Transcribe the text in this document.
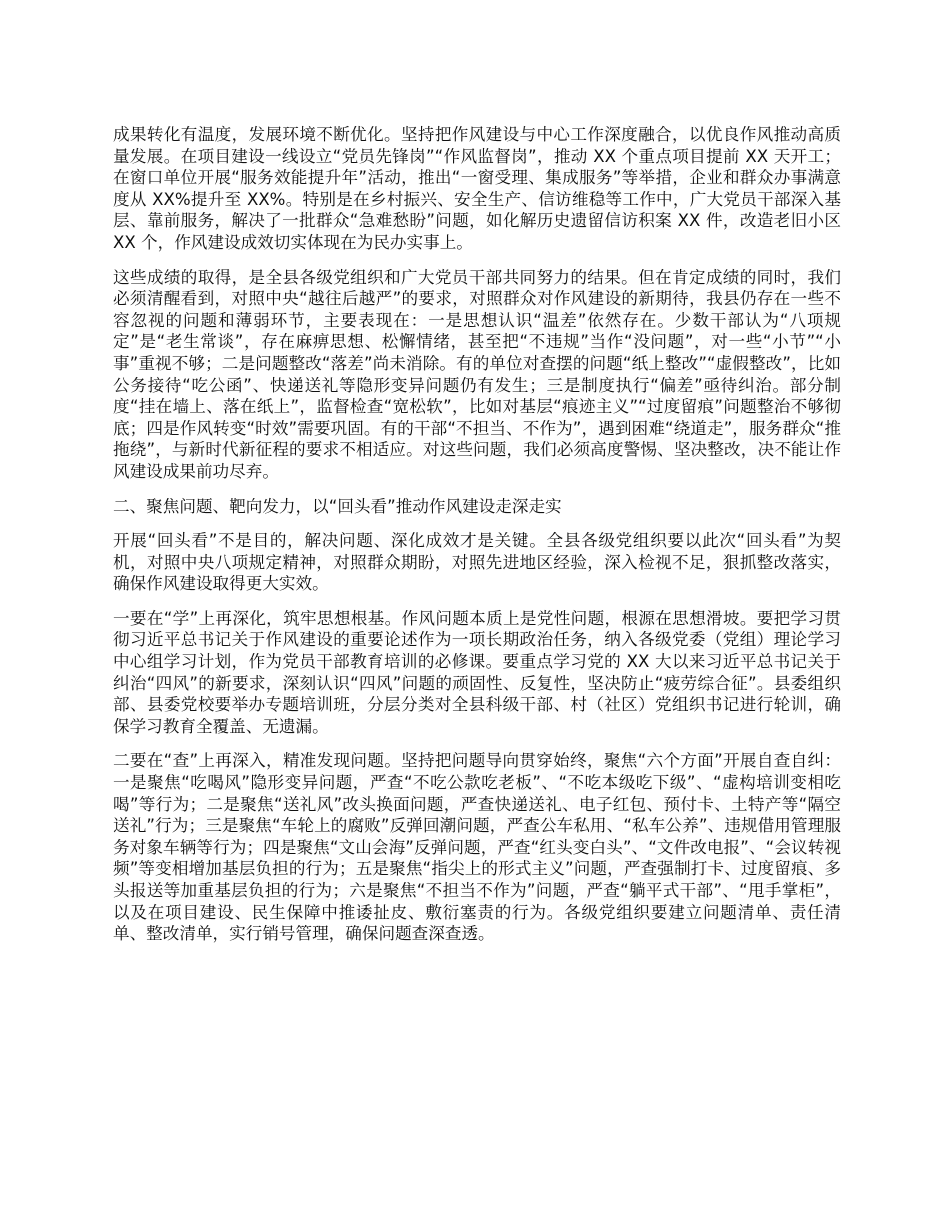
成果转化有温度，发展环境不断优化。坚持把作风建设与中心工作深度融合，以优良作风推动高质量发展。在项目建设一线设立“党员先锋岗”“作风监督岗”，推动 XX 个重点项目提前 XX 天开工；在窗口单位开展“服务效能提升年”活动，推出“一窗受理、集成服务”等举措，企业和群众办事满意度从 XX%提升至 XX%。特别是在乡村振兴、安全生产、信访维稳等工作中，广大党员干部深入基层、靠前服务，解决了一批群众“急难愁盼”问题，如化解历史遗留信访积案 XX 件，改造老旧小区 XX 个，作风建设成效切实体现在为民办实事上。

这些成绩的取得，是全县各级党组织和广大党员干部共同努力的结果。但在肯定成绩的同时，我们必须清醒看到，对照中央“越往后越严”的要求，对照群众对作风建设的新期待，我县仍存在一些不容忽视的问题和薄弱环节，主要表现在：一是思想认识“温差”依然存在。少数干部认为“八项规定”是“老生常谈”，存在麻痹思想、松懈情绪，甚至把“不违规”当作“没问题”，对一些“小节”“小事”重视不够；二是问题整改“落差”尚未消除。有的单位对查摆的问题“纸上整改”“虚假整改”，比如公务接待“吃公函”、快递送礼等隐形变异问题仍有发生；三是制度执行“偏差”亟待纠治。部分制度“挂在墙上、落在纸上”，监督检查“宽松软”，比如对基层“痕迹主义”“过度留痕”问题整治不够彻底；四是作风转变“时效”需要巩固。有的干部“不担当、不作为”，遇到困难“绕道走”，服务群众“推拖绕”，与新时代新征程的要求不相适应。对这些问题，我们必须高度警惕、坚决整改，决不能让作风建设成果前功尽弃。

二、聚焦问题、靶向发力，以“回头看”推动作风建设走深走实

开展“回头看”不是目的，解决问题、深化成效才是关键。全县各级党组织要以此次“回头看”为契机，对照中央八项规定精神，对照群众期盼，对照先进地区经验，深入检视不足，狠抓整改落实，确保作风建设取得更大实效。

一要在“学”上再深化，筑牢思想根基。作风问题本质上是党性问题，根源在思想滑坡。要把学习贯彻习近平总书记关于作风建设的重要论述作为一项长期政治任务，纳入各级党委（党组）理论学习中心组学习计划，作为党员干部教育培训的必修课。要重点学习党的 XX 大以来习近平总书记关于纠治“四风”的新要求，深刻认识“四风”问题的顽固性、反复性，坚决防止“疲劳综合征”。县委组织部、县委党校要举办专题培训班，分层分类对全县科级干部、村（社区）党组织书记进行轮训，确保学习教育全覆盖、无遗漏。

二要在“查”上再深入，精准发现问题。坚持把问题导向贯穿始终，聚焦“六个方面”开展自查自纠：一是聚焦“吃喝风”隐形变异问题，严查“不吃公款吃老板”、“不吃本级吃下级”、“虚构培训变相吃喝”等行为；二是聚焦“送礼风”改头换面问题，严查快递送礼、电子红包、预付卡、土特产等“隔空送礼”行为；三是聚焦“车轮上的腐败”反弹回潮问题，严查公车私用、“私车公养”、违规借用管理服务对象车辆等行为；四是聚焦“文山会海”反弹问题，严查“红头变白头”、“文件改电报”、“会议转视频”等变相增加基层负担的行为；五是聚焦“指尖上的形式主义”问题，严查强制打卡、过度留痕、多头报送等加重基层负担的行为；六是聚焦“不担当不作为”问题，严查“躺平式干部”、“甩手掌柜”，以及在项目建设、民生保障中推诿扯皮、敷衍塞责的行为。各级党组织要建立问题清单、责任清单、整改清单，实行销号管理，确保问题查深查透。
